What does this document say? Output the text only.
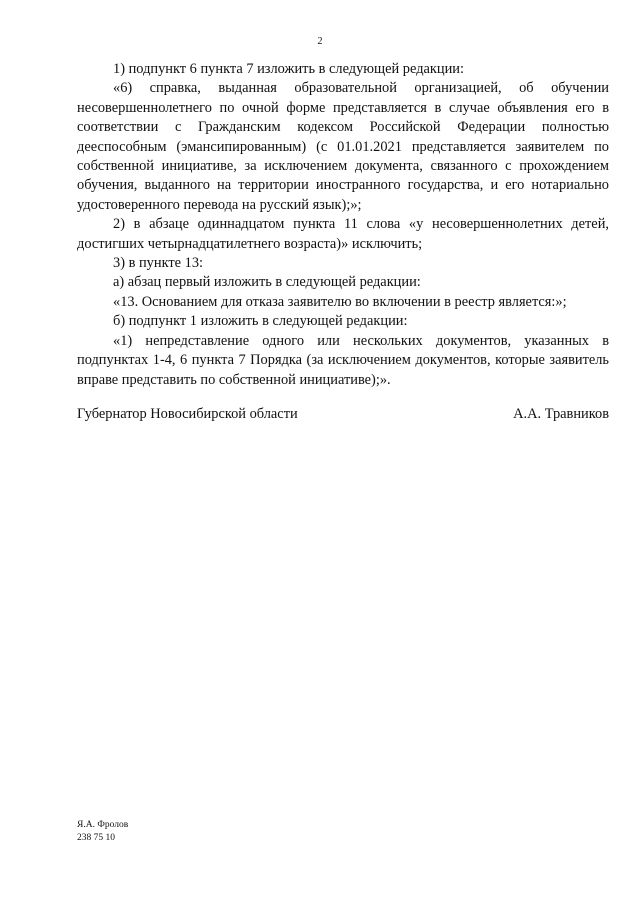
2

1) подпункт 6 пункта 7 изложить в следующей редакции:

«6) справка, выданная образовательной организацией, об обучении несовершеннолетнего по очной форме представляется в случае объявления его в соответствии с Гражданским кодексом Российской Федерации полностью дееспособным (эмансипированным) (с 01.01.2021 представляется заявителем по собственной инициативе, за исключением документа, связанного с прохождением обучения, выданного на территории иностранного государства, и его нотариально удостоверенного перевода на русский язык);»;

2) в абзаце одиннадцатом пункта 11 слова «у несовершеннолетних детей, достигших четырнадцатилетнего возраста)» исключить;

3) в пункте 13:

а) абзац первый изложить в следующей редакции:

«13. Основанием для отказа заявителю во включении в реестр является:»;

б) подпункт 1 изложить в следующей редакции:

«1) непредставление одного или нескольких документов, указанных в подпунктах 1-4, 6 пункта 7 Порядка (за исключением документов, которые заявитель вправе представить по собственной инициативе);».

Губернатор Новосибирской области	А.А. Травников
Я.А. Фролов
238 75 10
